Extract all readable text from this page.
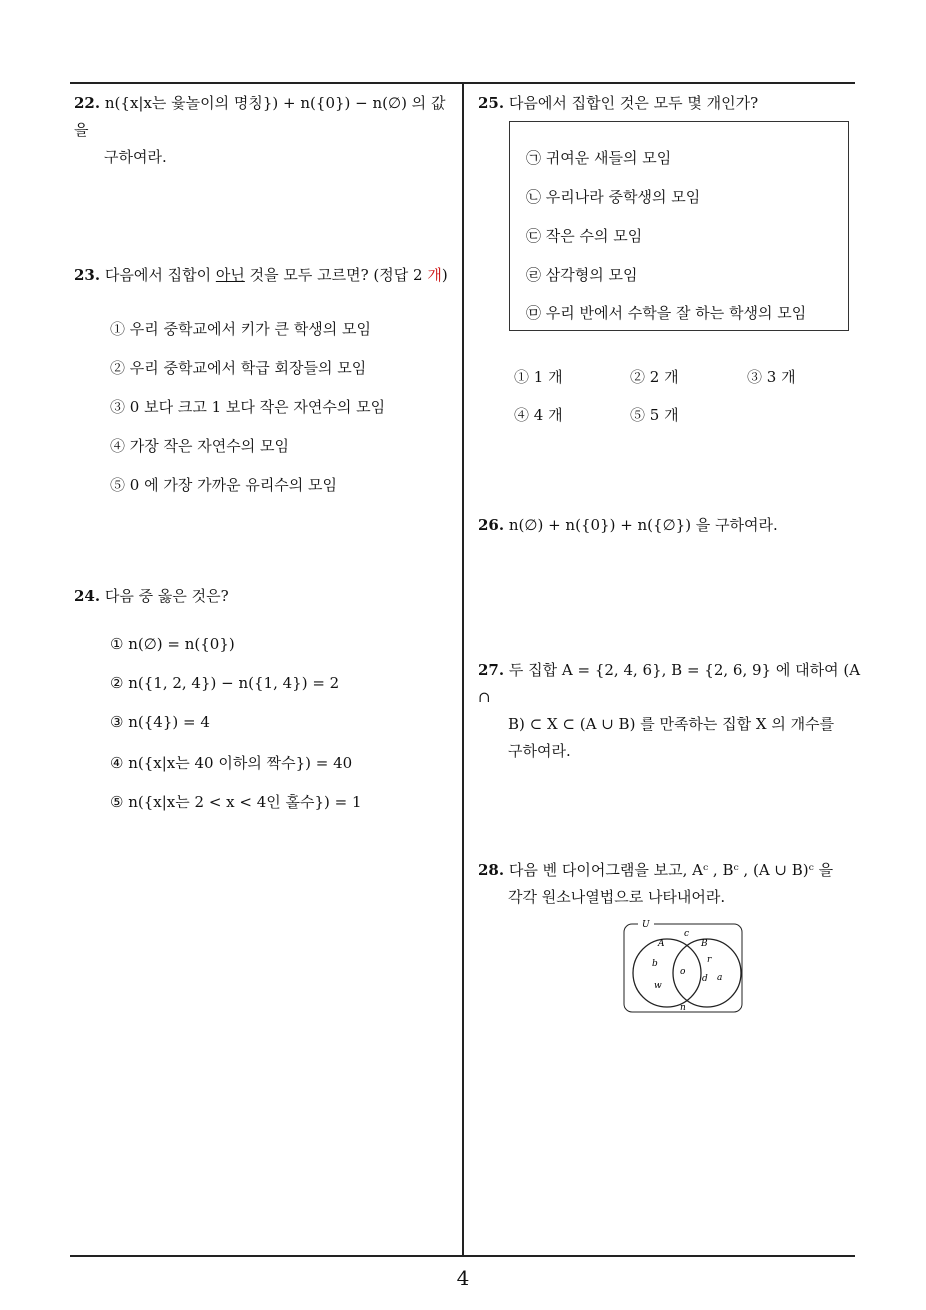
22. n({x|x는 윷놀이의 명칭}) + n({0}) − n(∅) 의 값을
구하여라.
23. 다음에서 집합이 아닌 것을 모두 고르면? (정답 2 개)
① 우리 중학교에서 키가 큰 학생의 모임
② 우리 중학교에서 학급 회장들의 모임
③ 0 보다 크고 1 보다 작은 자연수의 모임
④ 가장 작은 자연수의 모임
⑤ 0 에 가장 가까운 유리수의 모임
24. 다음 중 옳은 것은?
① n(∅) = n({0})
② n({1, 2, 4}) − n({1, 4}) = 2
③ n({4}) = 4
④ n({x|x는 40 이하의 짝수}) = 40
⑤ n({x|x는 2 < x < 4인 홀수}) = 1
25. 다음에서 집합인 것은 모두 몇 개인가?
㉠ 귀여운 새들의 모임
㉡ 우리나라 중학생의 모임
㉢ 작은 수의 모임
㉣ 삼각형의 모임
㉤ 우리 반에서 수학을 잘 하는 학생의 모임
① 1 개	② 2 개	③ 3 개
④ 4 개	⑤ 5 개
26. n(∅) + n({0}) + n({∅}) 을 구하여라.
27. 두 집합 A = {2, 4, 6}, B = {2, 6, 9} 에 대하여 (A ∩
B) ⊂ X ⊂ (A ∪ B) 를 만족하는 집합 X 의 개수를
구하여라.
28. 다음 벤 다이어그램을 보고, Aᶜ , Bᶜ , (A ∪ B)ᶜ 을
각각 원소나열법으로 나타내어라.
U
A	B
c
b
w
o
r
d a
n
4
